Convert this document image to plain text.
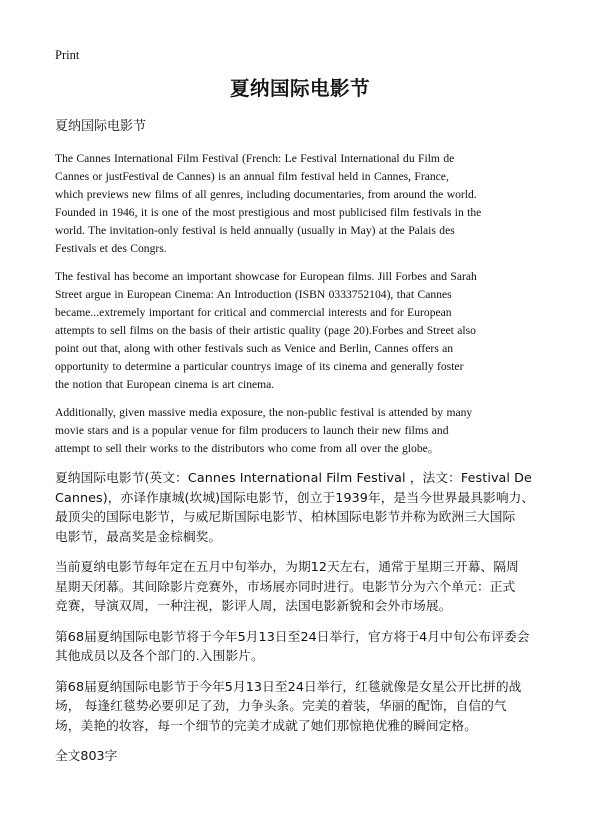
Print
夏纳国际电影节
夏纳国际电影节
The Cannes International Film Festival (French: Le Festival International du Film de
Cannes or justFestival de Cannes) is an annual film festival held in Cannes, France,
which previews new films of all genres, including documentaries, from around the world.
Founded in 1946, it is one of the most prestigious and most publicised film festivals in the
world. The invitation-only festival is held annually (usually in May) at the Palais des
Festivals et des Congrs.
The festival has become an important showcase for European films. Jill Forbes and Sarah
Street argue in European Cinema: An Introduction (ISBN 0333752104), that Cannes
became...extremely important for critical and commercial interests and for European
attempts to sell films on the basis of their artistic quality (page 20).Forbes and Street also
point out that, along with other festivals such as Venice and Berlin, Cannes offers an
opportunity to determine a particular countrys image of its cinema and generally foster
the notion that European cinema is art cinema.
Additionally, given massive media exposure, the non-public festival is attended by many
movie stars and is a popular venue for film producers to launch their new films and
attempt to sell their works to the distributors who come from all over the globe。
夏纳国际电影节(英文：Cannes International Film Festival ，法文：Festival De
Cannes)，亦译作康城(坎城)国际电影节，创立于1939年，是当今世界最具影响力、
最顶尖的国际电影节，与威尼斯国际电影节、柏林国际电影节并称为欧洲三大国际
电影节，最高奖是金棕榈奖。
当前夏纳电影节每年定在五月中旬举办，为期12天左右，通常于星期三开幕、隔周
星期天闭幕。其间除影片竞赛外，市场展亦同时进行。电影节分为六个单元：正式
竞赛，导演双周，一种注视，影评人周，法国电影新貌和会外市场展。
第68届夏纳国际电影节将于今年5月13日至24日举行，官方将于4月中旬公布评委会
其他成员以及各个部门的.入围影片。
第68届夏纳国际电影节于今年5月13日至24日举行，红毯就像是女星公开比拼的战
场， 每逢红毯势必要卯足了劲，力争头条。完美的着装，华丽的配饰，自信的气
场，美艳的妆容，每一个细节的完美才成就了她们那惊艳优雅的瞬间定格。
全文803字
